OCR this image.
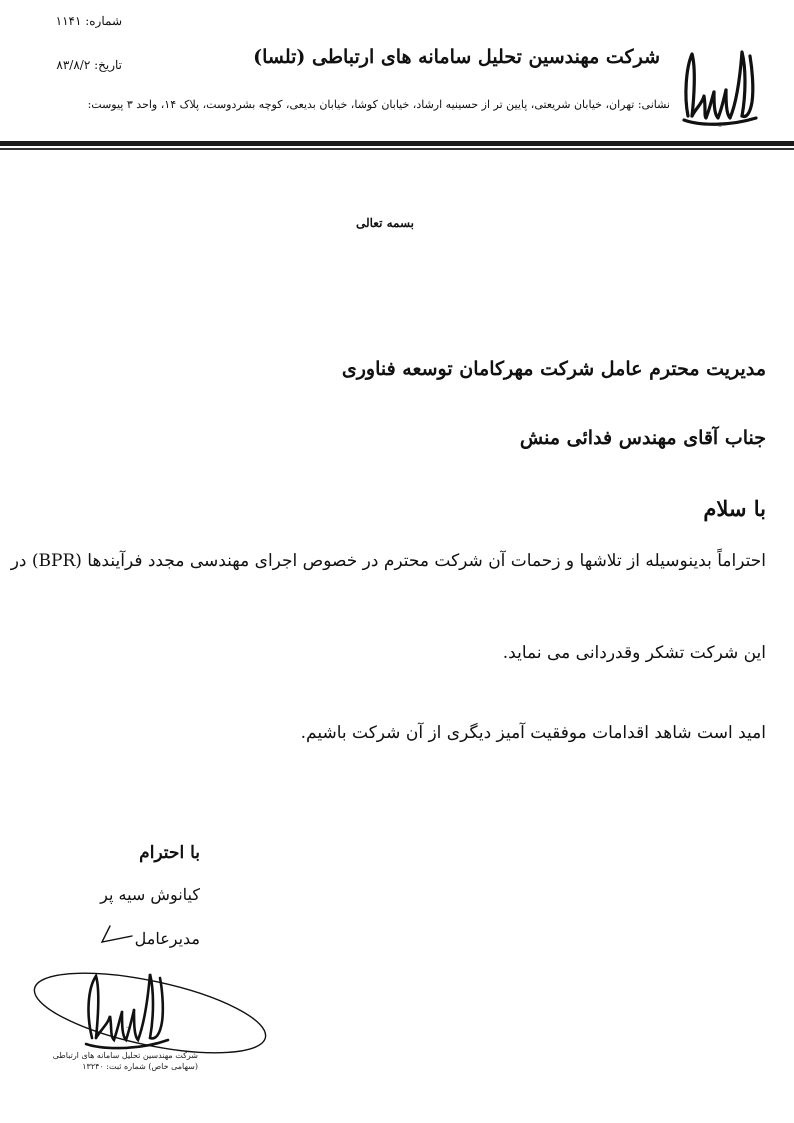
شماره: ۱۱۴۱
تاریخ: ۸۳/۸/۲	شرکت مهندسین تحلیل سامانه های ارتباطی (تلسا)
نشانی: تهران، خیابان شریعتی، پایین تر از حسینیه ارشاد، خیابان کوشا، خیابان بدیعی، کوچه بشردوست، پلاک ۱۴، واحد ۳ پیوست:
تلسا
بسمه تعالی
مدیریت محترم عامل شرکت مهرکامان توسعه فناوری
جناب آقای مهندس فدائی منش
با سلام
احتراماً بدینوسیله از تلاشها و زحمات آن شرکت محترم در خصوص اجرای مهندسی مجدد فرآیندها (BPR) در
این شرکت تشکر وقدردانی می نماید.
امید است شاهد اقدامات موفقیت آمیز دیگری از آن شرکت باشیم.
با احترام
کیانوش سیه پر
مدیرعامل
تلسا
شرکت مهندسین تحلیل سامانه های ارتباطی
(سهامی خاص) شماره ثبت: ۱۳۲۴۰
